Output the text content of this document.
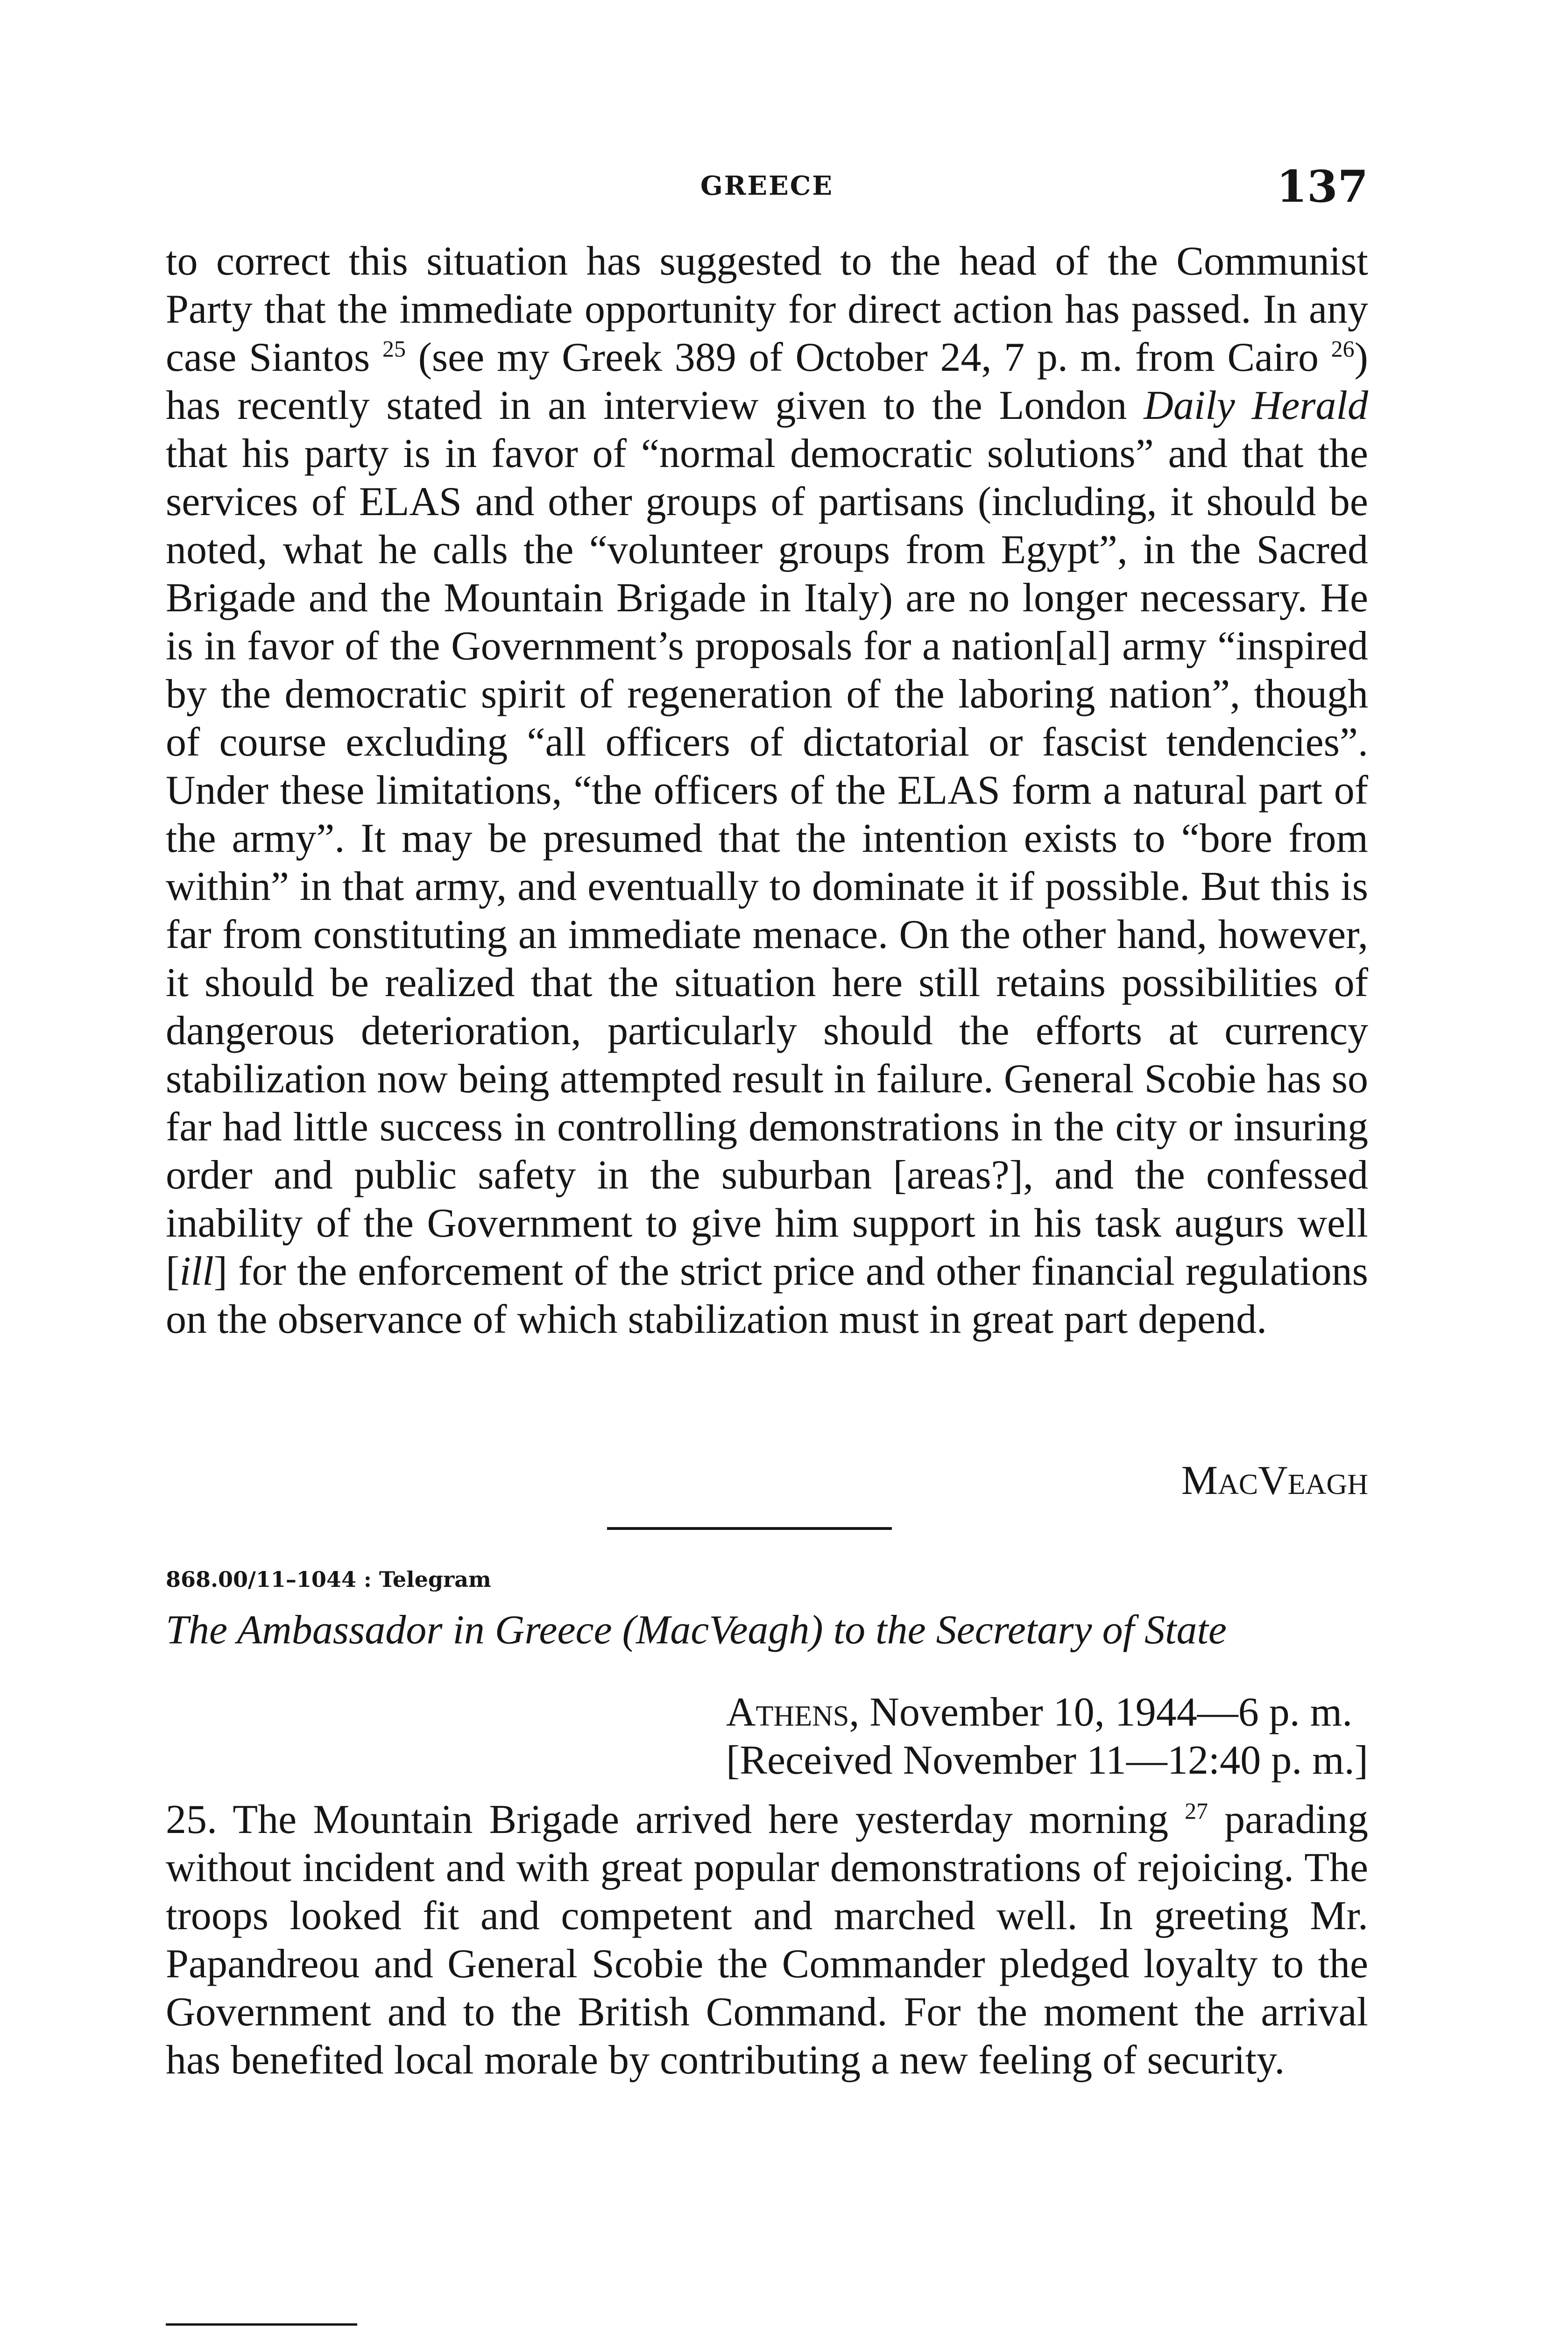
GREECE	137

to correct this situation has suggested to the head of the Communist Party that the immediate opportunity for direct action has passed. In any case Siantos $^{25}$ (see my Greek 389 of October 24, 7 p. m. from Cairo $^{26}$) has recently stated in an interview given to the London Daily Herald that his party is in favor of “normal democratic solutions” and that the services of ELAS and other groups of partisans (including, it should be noted, what he calls the “volunteer groups from Egypt”, in the Sacred Brigade and the Mountain Brigade in Italy) are no longer necessary. He is in favor of the Government’s proposals for a nation[al] army “inspired by the democratic spirit of regeneration of the laboring nation”, though of course excluding “all officers of dictatorial or fascist tendencies”. Under these limitations, “the officers of the ELAS form a natural part of the army”. It may be presumed that the intention exists to “bore from within” in that army, and eventually to dominate it if possible. But this is far from constituting an immediate menace. On the other hand, however, it should be realized that the situation here still retains possibilities of dangerous deterioration, particularly should the efforts at currency stabilization now being attempted result in failure. General Scobie has so far had little success in controlling demonstrations in the city or insuring order and public safety in the suburban [areas?], and the confessed inability of the Government to give him support in his task augurs well [ill] for the enforcement of the strict price and other financial regulations on the observance of which stabilization must in great part depend.

MacVeagh
868.00/11–1044 : Telegram
The Ambassador in Greece (MacVeagh) to the Secretary of State
Athens, November 10, 1944—6 p. m.
[Received November 11—12:40 p. m.]

25. The Mountain Brigade arrived here yesterday morning $^{27}$ parading without incident and with great popular demonstrations of rejoicing. The troops looked fit and competent and marched well. In greeting Mr. Papandreou and General Scobie the Commander pledged loyalty to the Government and to the British Command. For the moment the arrival has benefited local morale by contributing a new feeling of security.
